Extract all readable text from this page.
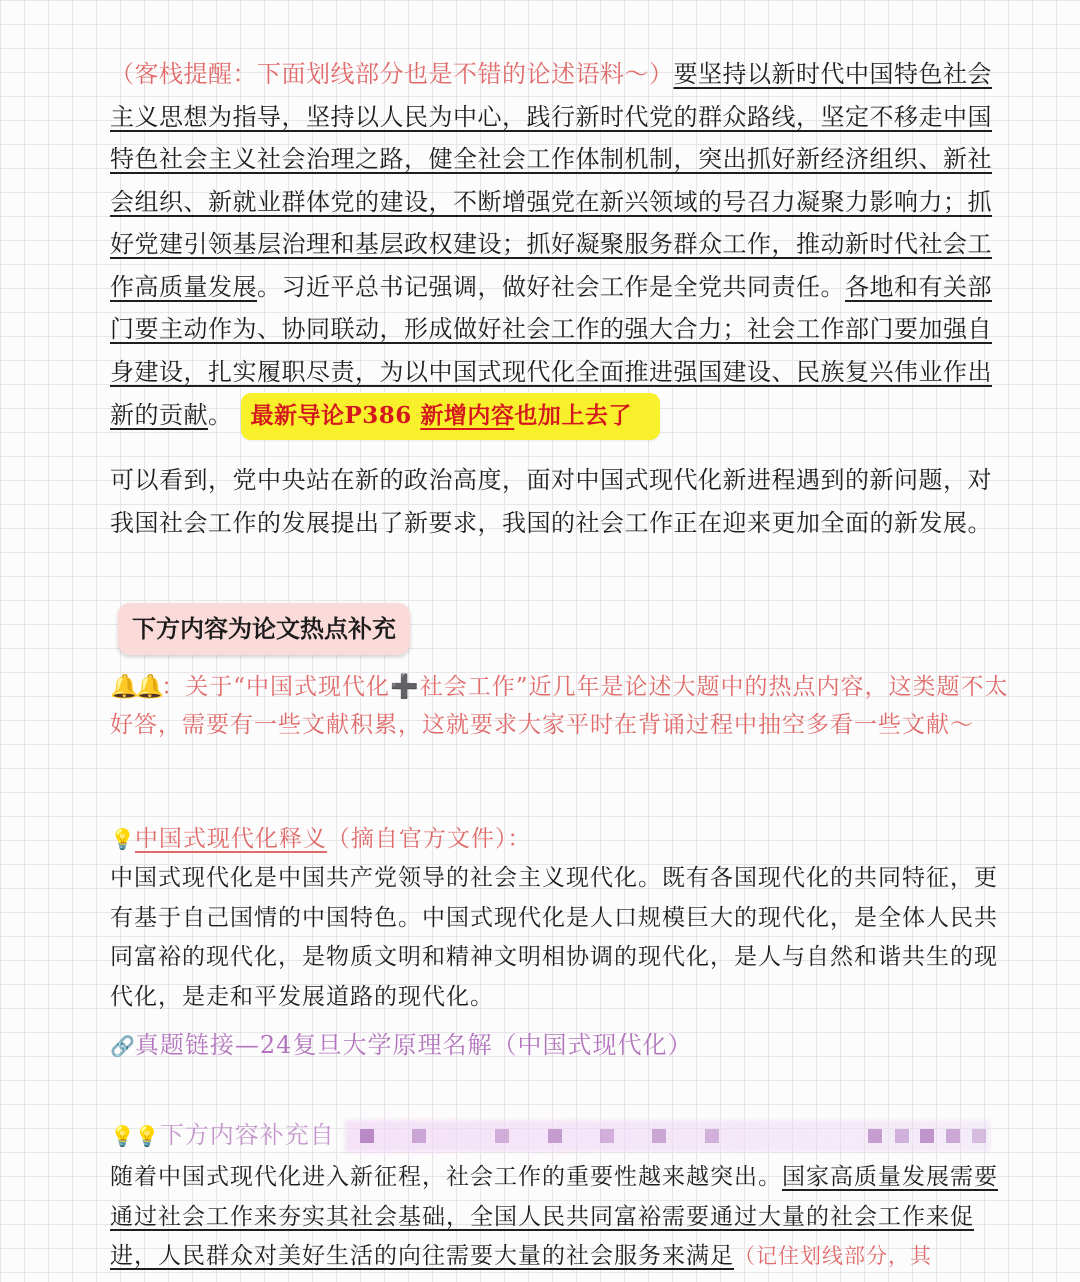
（客栈提醒：下面划线部分也是不错的论述语料～）要坚持以新时代中国特色社会主义思想为指导，坚持以人民为中心，践行新时代党的群众路线，坚定不移走中国特色社会主义社会治理之路，健全社会工作体制机制，突出抓好新经济组织、新社会组织、新就业群体党的建设，不断增强党在新兴领域的号召力凝聚力影响力；抓好党建引领基层治理和基层政权建设；抓好凝聚服务群众工作，推动新时代社会工作高质量发展。习近平总书记强调，做好社会工作是全党共同责任。各地和有关部门要主动作为、协同联动，形成做好社会工作的强大合力；社会工作部门要加强自身建设，扎实履职尽责，为以中国式现代化全面推进强国建设、民族复兴伟业作出新的贡献。 最新导论P386 新增内容也加上去了
可以看到，党中央站在新的政治高度，面对中国式现代化新进程遇到的新问题，对我国社会工作的发展提出了新要求，我国的社会工作正在迎来更加全面的新发展。
下方内容为论文热点补充
🔔🔔：关于“中国式现代化➕社会工作”近几年是论述大题中的热点内容，这类题不太好答，需要有一些文献积累，这就要求大家平时在背诵过程中抽空多看一些文献～
💡中国式现代化释义（摘自官方文件）：
中国式现代化是中国共产党领导的社会主义现代化。既有各国现代化的共同特征，更有基于自己国情的中国特色。中国式现代化是人口规模巨大的现代化，是全体人民共同富裕的现代化，是物质文明和精神文明相协调的现代化，是人与自然和谐共生的现代化，是走和平发展道路的现代化。
🔗真题链接—24复旦大学原理名解（中国式现代化）
💡💡下方内容补充自
随着中国式现代化进入新征程，社会工作的重要性越来越突出。国家高质量发展需要通过社会工作来夯实其社会基础，全国人民共同富裕需要通过大量的社会工作来促进，人民群众对美好生活的向往需要大量的社会服务来满足（记住划线部分，其
